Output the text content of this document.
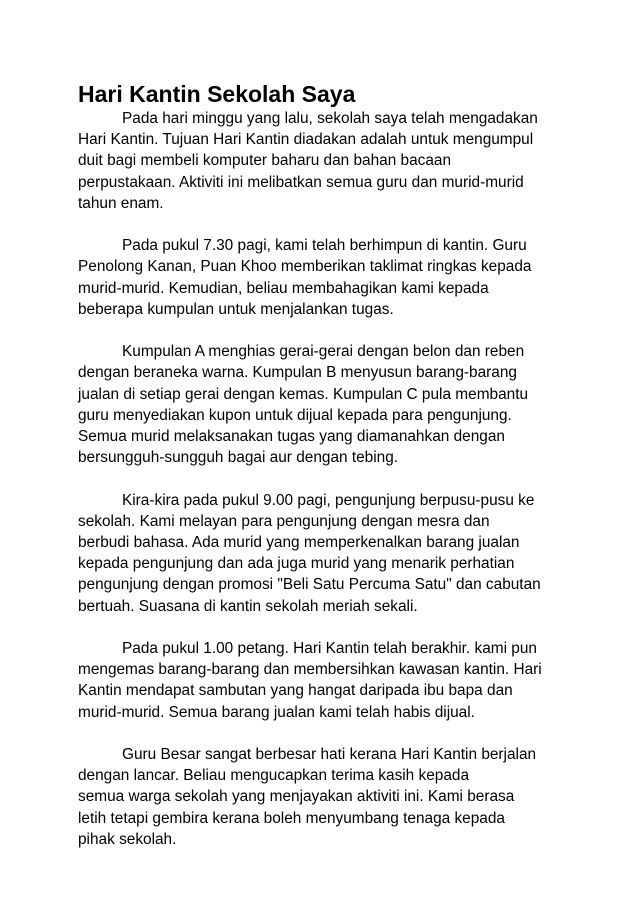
Hari Kantin Sekolah Saya

Pada hari minggu yang lalu, sekolah saya telah mengadakan
Hari Kantin. Tujuan Hari Kantin diadakan adalah untuk mengumpul
duit bagi membeli komputer baharu dan bahan bacaan
perpustakaan. Aktiviti ini melibatkan semua guru dan murid-murid
tahun enam.

Pada pukul 7.30 pagi, kami telah berhimpun di kantin. Guru
Penolong Kanan, Puan Khoo memberikan taklimat ringkas kepada
murid-murid. Kemudian, beliau membahagikan kami kepada
beberapa kumpulan untuk menjalankan tugas.

Kumpulan A menghias gerai-gerai dengan belon dan reben
dengan beraneka warna. Kumpulan B menyusun barang-barang
jualan di setiap gerai dengan kemas. Kumpulan C pula membantu
guru menyediakan kupon untuk dijual kepada para pengunjung.
Semua murid melaksanakan tugas yang diamanahkan dengan
bersungguh-sungguh bagai aur dengan tebing.

Kira-kira pada pukul 9.00 pagi, pengunjung berpusu-pusu ke
sekolah. Kami melayan para pengunjung dengan mesra dan
berbudi bahasa. Ada murid yang memperkenalkan barang jualan
kepada pengunjung dan ada juga murid yang menarik perhatian
pengunjung dengan promosi "Beli Satu Percuma Satu" dan cabutan
bertuah. Suasana di kantin sekolah meriah sekali.

Pada pukul 1.00 petang. Hari Kantin telah berakhir. kami pun
mengemas barang-barang dan membersihkan kawasan kantin. Hari
Kantin mendapat sambutan yang hangat daripada ibu bapa dan
murid-murid. Semua barang jualan kami telah habis dijual.

Guru Besar sangat berbesar hati kerana Hari Kantin berjalan
dengan lancar. Beliau mengucapkan terima kasih kepada
semua warga sekolah yang menjayakan aktiviti ini. Kami berasa
letih tetapi gembira kerana boleh menyumbang tenaga kepada
pihak sekolah.
